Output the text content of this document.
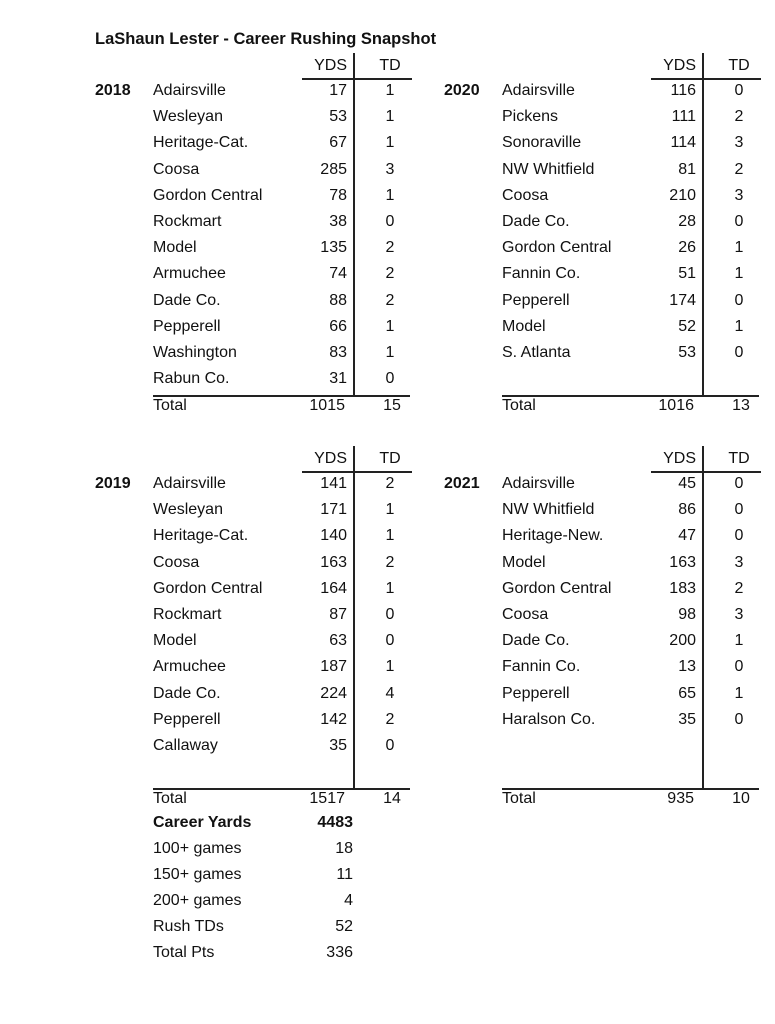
LaShaun Lester - Career Rushing Snapshot
YDS	TD
2018 Adairsville	17	1
Wesleyan	53	1
Heritage-Cat.	67	1
Coosa	285	3
Gordon Central	78	1
Rockmart	38	0
Model	135	2
Armuchee	74	2
Dade Co.	88	2
Pepperell	66	1
Washington	83	1
Rabun Co.	31	0
Total	1015	15
YDS	TD
2020 Adairsville	116	0
Pickens	111	2
Sonoraville	114	3
NW Whitfield	81	2
Coosa	210	3
Dade Co.	28	0
Gordon Central	26	1
Fannin Co.	51	1
Pepperell	174	0
Model	52	1
S. Atlanta	53	0
Total	1016	13
YDS	TD
2019 Adairsville	141	2
Wesleyan	171	1
Heritage-Cat.	140	1
Coosa	163	2
Gordon Central	164	1
Rockmart	87	0
Model	63	0
Armuchee	187	1
Dade Co.	224	4
Pepperell	142	2
Callaway	35	0
Total	1517	14
YDS	TD
2021 Adairsville	45	0
NW Whitfield	86	0
Heritage-New.	47	0
Model	163	3
Gordon Central	183	2
Coosa	98	3
Dade Co.	200	1
Fannin Co.	13	0
Pepperell	65	1
Haralson Co.	35	0
Total	935	10
Career Yards	4483
100+ games	18
150+ games	11
200+ games	4
Rush TDs	52
Total Pts	336
